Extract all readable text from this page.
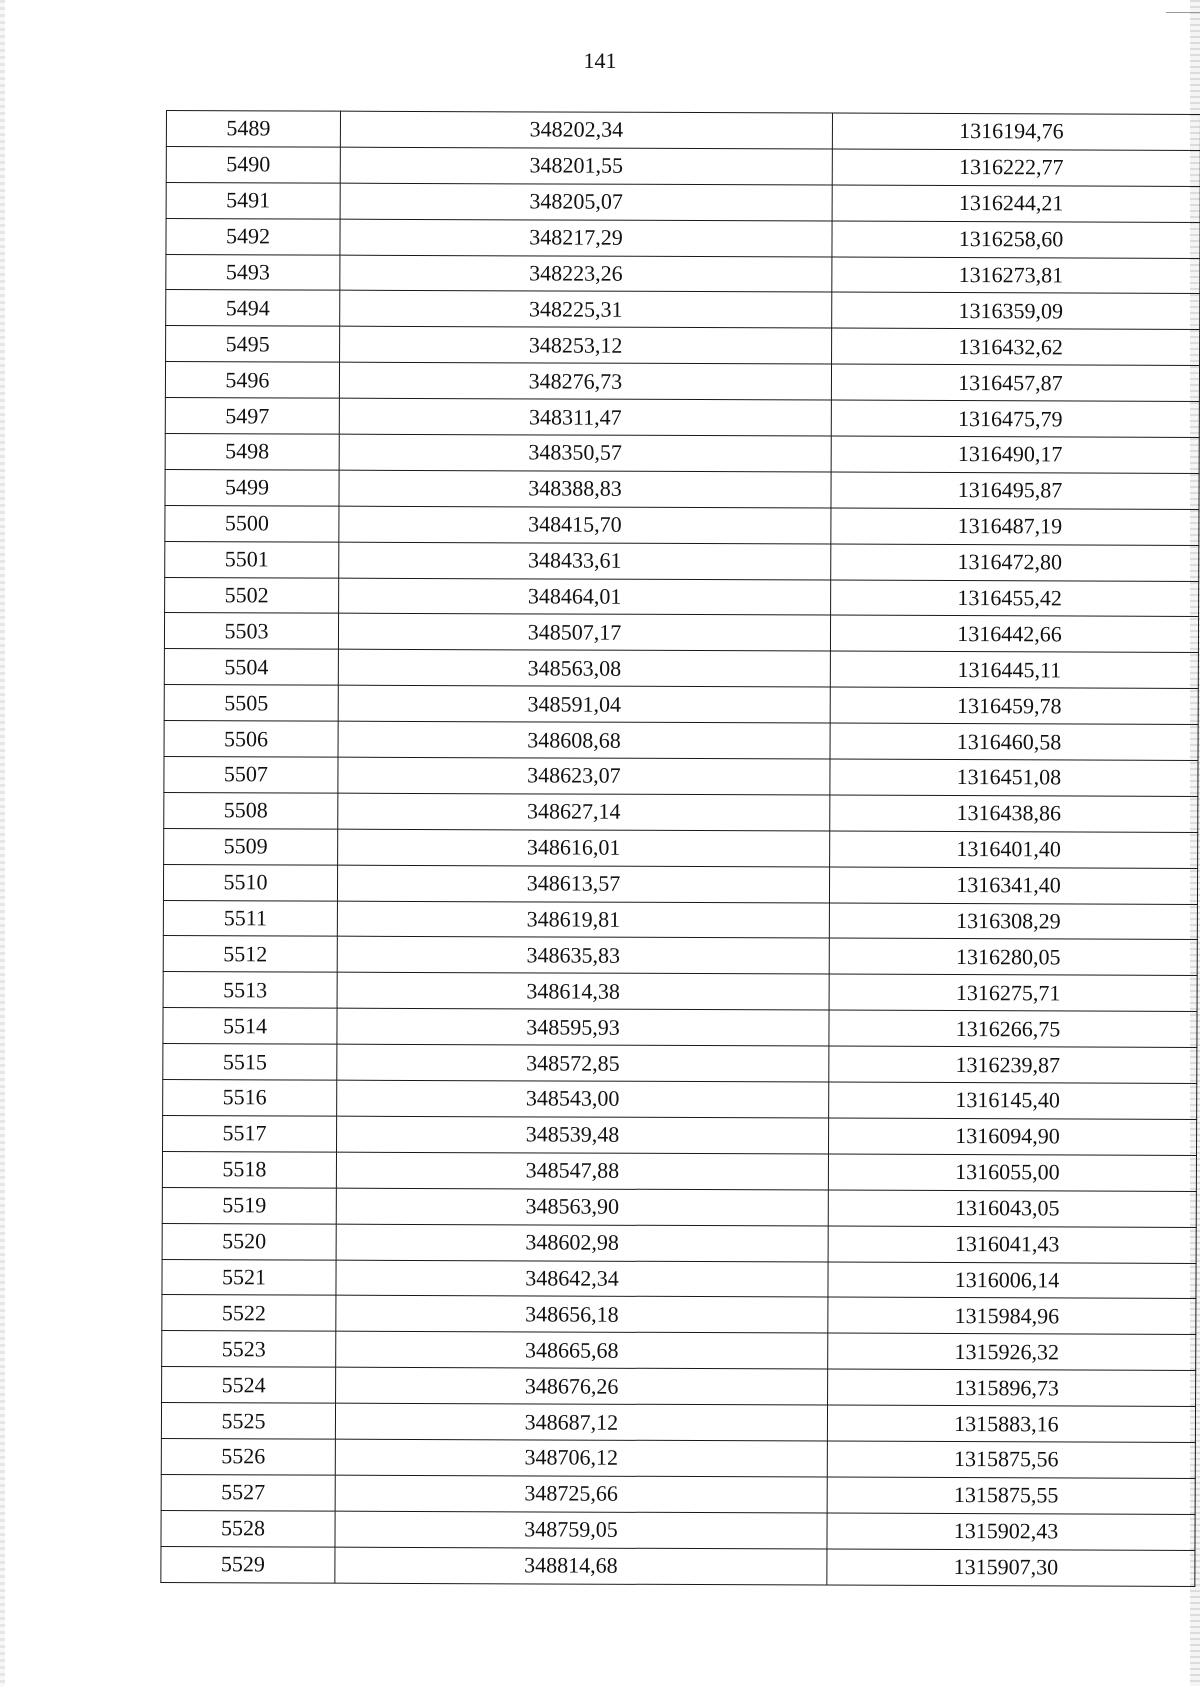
141
5489	348202,34	1316194,76
5490	348201,55	1316222,77
5491	348205,07	1316244,21
5492	348217,29	1316258,60
5493	348223,26	1316273,81
5494	348225,31	1316359,09
5495	348253,12	1316432,62
5496	348276,73	1316457,87
5497	348311,47	1316475,79
5498	348350,57	1316490,17
5499	348388,83	1316495,87
5500	348415,70	1316487,19
5501	348433,61	1316472,80
5502	348464,01	1316455,42
5503	348507,17	1316442,66
5504	348563,08	1316445,11
5505	348591,04	1316459,78
5506	348608,68	1316460,58
5507	348623,07	1316451,08
5508	348627,14	1316438,86
5509	348616,01	1316401,40
5510	348613,57	1316341,40
5511	348619,81	1316308,29
5512	348635,83	1316280,05
5513	348614,38	1316275,71
5514	348595,93	1316266,75
5515	348572,85	1316239,87
5516	348543,00	1316145,40
5517	348539,48	1316094,90
5518	348547,88	1316055,00
5519	348563,90	1316043,05
5520	348602,98	1316041,43
5521	348642,34	1316006,14
5522	348656,18	1315984,96
5523	348665,68	1315926,32
5524	348676,26	1315896,73
5525	348687,12	1315883,16
5526	348706,12	1315875,56
5527	348725,66	1315875,55
5528	348759,05	1315902,43
5529	348814,68	1315907,30
